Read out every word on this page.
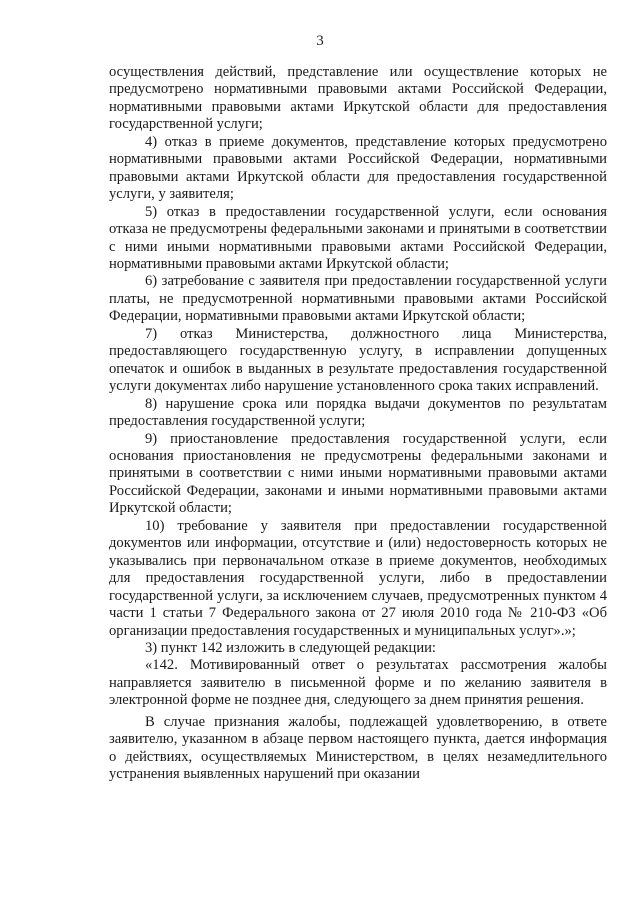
3

осуществления действий, представление или осуществление которых не предусмотрено нормативными правовыми актами Российской Федерации, нормативными правовыми актами Иркутской области для предоставления государственной услуги;

4) отказ в приеме документов, представление которых предусмотрено нормативными правовыми актами Российской Федерации, нормативными правовыми актами Иркутской области для предоставления государственной услуги, у заявителя;

5) отказ в предоставлении государственной услуги, если основания отказа не предусмотрены федеральными законами и принятыми в соответствии с ними иными нормативными правовыми актами Российской Федерации, нормативными правовыми актами Иркутской области;

6) затребование с заявителя при предоставлении государственной услуги платы, не предусмотренной нормативными правовыми актами Российской Федерации, нормативными правовыми актами Иркутской области;

7) отказ Министерства, должностного лица Министерства, предоставляющего государственную услугу, в исправлении допущенных опечаток и ошибок в выданных в результате предоставления государственной услуги документах либо нарушение установленного срока таких исправлений.

8) нарушение срока или порядка выдачи документов по результатам предоставления государственной услуги;

9) приостановление предоставления государственной услуги, если основания приостановления не предусмотрены федеральными законами и принятыми в соответствии с ними иными нормативными правовыми актами Российской Федерации, законами и иными нормативными правовыми актами Иркутской области;

10) требование у заявителя при предоставлении государственной документов или информации, отсутствие и (или) недостоверность которых не указывались при первоначальном отказе в приеме документов, необходимых для предоставления государственной услуги, либо в предоставлении государственной услуги, за исключением случаев, предусмотренных пунктом 4 части 1 статьи 7 Федерального закона от 27 июля 2010 года № 210-ФЗ «Об организации предоставления государственных и муниципальных услуг».»;

3) пункт 142 изложить в следующей редакции:

«142. Мотивированный ответ о результатах рассмотрения жалобы направляется заявителю в письменной форме и по желанию заявителя в электронной форме не позднее дня, следующего за днем принятия решения.

В случае признания жалобы, подлежащей удовлетворению, в ответе заявителю, указанном в абзаце первом настоящего пункта, дается информация о действиях, осуществляемых Министерством, в целях незамедлительного устранения выявленных нарушений при оказании
